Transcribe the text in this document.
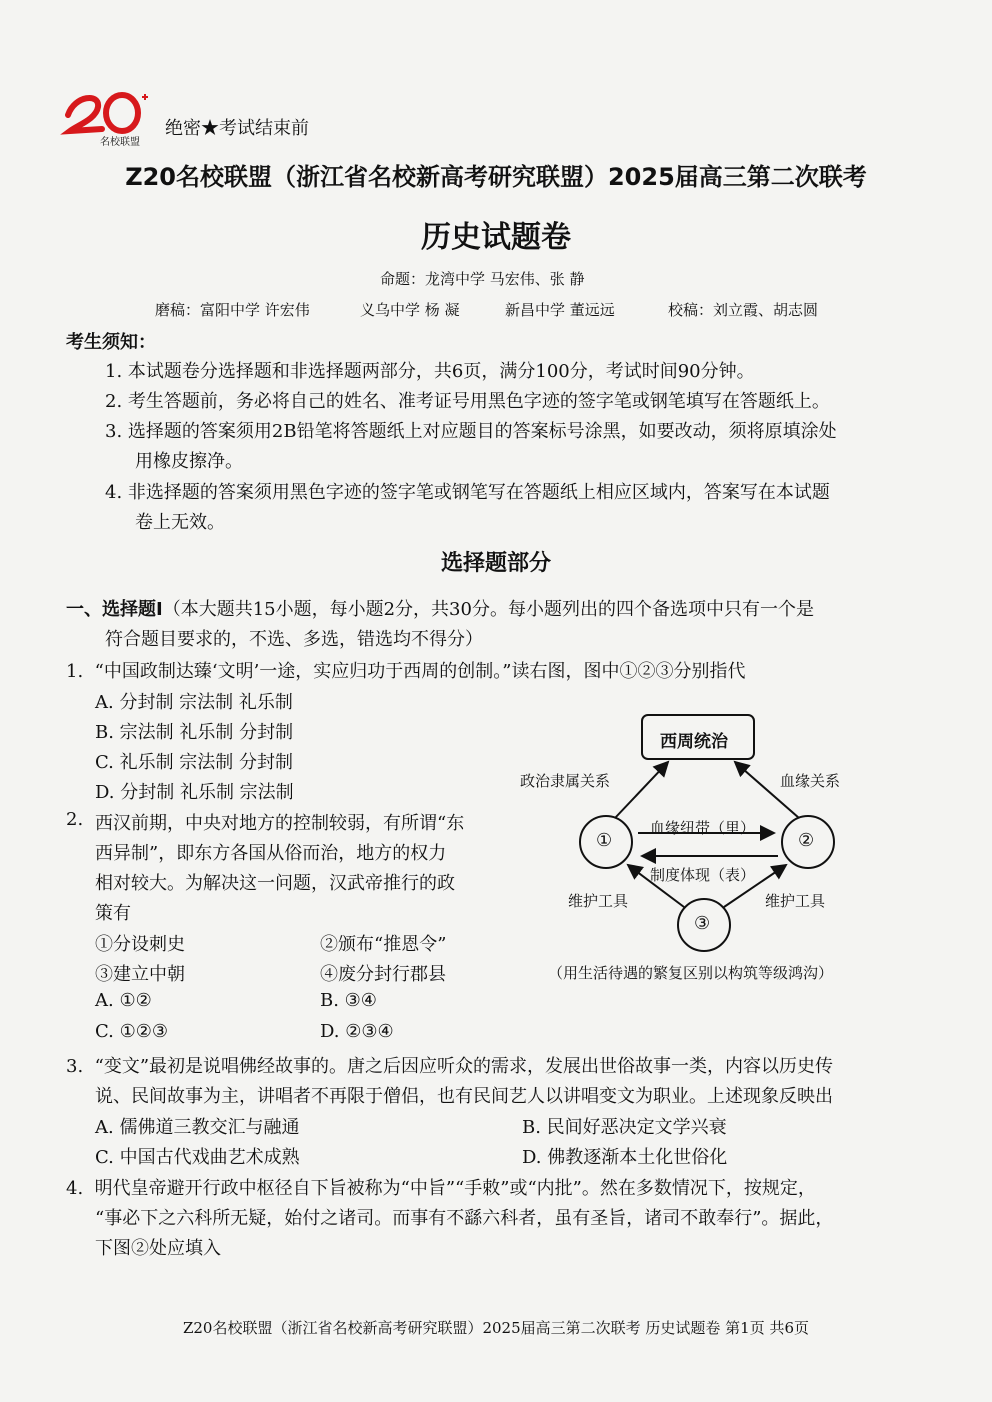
名校联盟
绝密★考试结束前
Z20名校联盟（浙江省名校新高考研究联盟）2025届高三第二次联考
历史试题卷
命题：龙湾中学 马宏伟、张 静
磨稿：富阳中学 许宏伟	义乌中学 杨 凝	新昌中学 董远远	校稿：刘立霞、胡志圆
考生须知：
1. 本试题卷分选择题和非选择题两部分，共6页，满分100分，考试时间90分钟。
2. 考生答题前，务必将自己的姓名、准考证号用黑色字迹的签字笔或钢笔填写在答题纸上。
3. 选择题的答案须用2B铅笔将答题纸上对应题目的答案标号涂黑，如要改动，须将原填涂处
用橡皮擦净。
4. 非选择题的答案须用黑色字迹的签字笔或钢笔写在答题纸上相应区域内，答案写在本试题
卷上无效。
选择题部分
一、选择题Ⅰ（本大题共15小题，每小题2分，共30分。每小题列出的四个备选项中只有一个是
符合题目要求的，不选、多选，错选均不得分）
1. “中国政制达臻‘文明’一途，实应归功于西周的创制。”读右图，图中①②③分别指代
A. 分封制 宗法制 礼乐制
B. 宗法制 礼乐制 分封制
C. 礼乐制 宗法制 分封制
D. 分封制 礼乐制 宗法制
西周统治
政治隶属关系	血缘关系
①	②
③
血缘纽带（里）
制度体现（表）
维护工具	维护工具
（用生活待遇的繁复区别以构筑等级鸿沟）
2. 西汉前期，中央对地方的控制较弱，有所谓“东
西异制”，即东方各国从俗而治，地方的权力
相对较大。为解决这一问题，汉武帝推行的政
策有
①分设刺史	②颁布“推恩令”
③建立中朝	④废分封行郡县
A. ①②	B. ③④
C. ①②③	D. ②③④
3. “变文”最初是说唱佛经故事的。唐之后因应听众的需求，发展出世俗故事一类，内容以历史传
说、民间故事为主，讲唱者不再限于僧侣，也有民间艺人以讲唱变文为职业。上述现象反映出
A. 儒佛道三教交汇与融通	B. 民间好恶决定文学兴衰
C. 中国古代戏曲艺术成熟	D. 佛教逐渐本土化世俗化
4. 明代皇帝避开行政中枢径自下旨被称为“中旨”“手敕”或“内批”。然在多数情况下，按规定，
“事必下之六科所无疑，始付之诸司。而事有不繇六科者，虽有圣旨，诸司不敢奉行”。据此，
下图②处应填入
Z20名校联盟（浙江省名校新高考研究联盟）2025届高三第二次联考 历史试题卷 第1页 共6页
